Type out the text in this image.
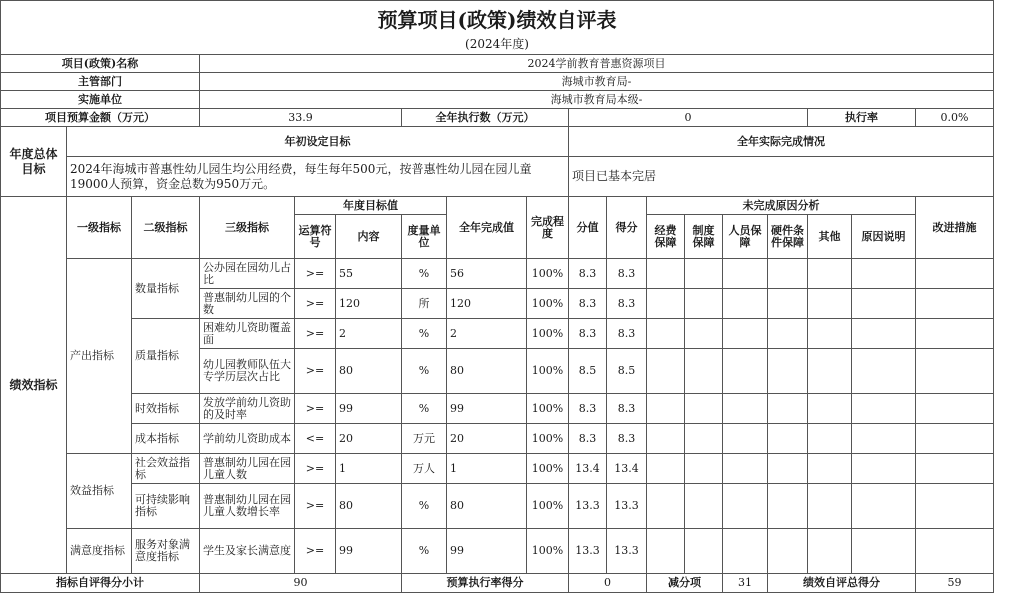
预算项目(政策)绩效自评表																	
(2024年度)																	
项目(政策)名称			2024学前教育普惠资源项目														
主管部门			海城市教育局-														
实施单位			海城市教育局本级-														
项目预算金额（万元）			33.9			全年执行数（万元）			0						执行率		0.0%
年度总体目标	年初设定目标								全年实际完成情况								
	2024年海城市普惠性幼儿园生均公用经费，每生每年500元，按普惠性幼儿园在园儿童19000人预算，资金总数为950万元。								项目已基本完居								
绩效指标	一级指标	二级指标	三级指标	年度目标值			全年完成值	完成程度	分值	得分	未完成原因分析						改进措施
				运算符号	内容	度量单位					经费保障	制度保障	人员保障	硬件条件保障	其他	原因说明	
	产出指标	数量指标	公办园在园幼儿占比	>=	55	%	56	100%	8.3	8.3							
			普惠制幼儿园的个数	>=	120	所	120	100%	8.3	8.3							
		质量指标	困难幼儿资助覆盖面	>=	2	%	2	100%	8.3	8.3							
			幼儿园教师队伍大专学历层次占比	>=	80	%	80	100%	8.5	8.5							
		时效指标	发放学前幼儿资助的及时率	>=	99	%	99	100%	8.3	8.3							
		成本指标	学前幼儿资助成本	<=	20	万元	20	100%	8.3	8.3							
	效益指标	社会效益指标	普惠制幼儿园在园儿童人数	>=	1	万人	1	100%	13.4	13.4							
		可持续影响指标	普惠制幼儿园在园儿童人数增长率	>=	80	%	80	100%	13.3	13.3							
	满意度指标	服务对象满意度指标	学生及家长满意度	>=	99	%	99	100%	13.3	13.3							
指标自评得分小计			90			预算执行率得分			0		减分项		31	绩效自评总得分			59
